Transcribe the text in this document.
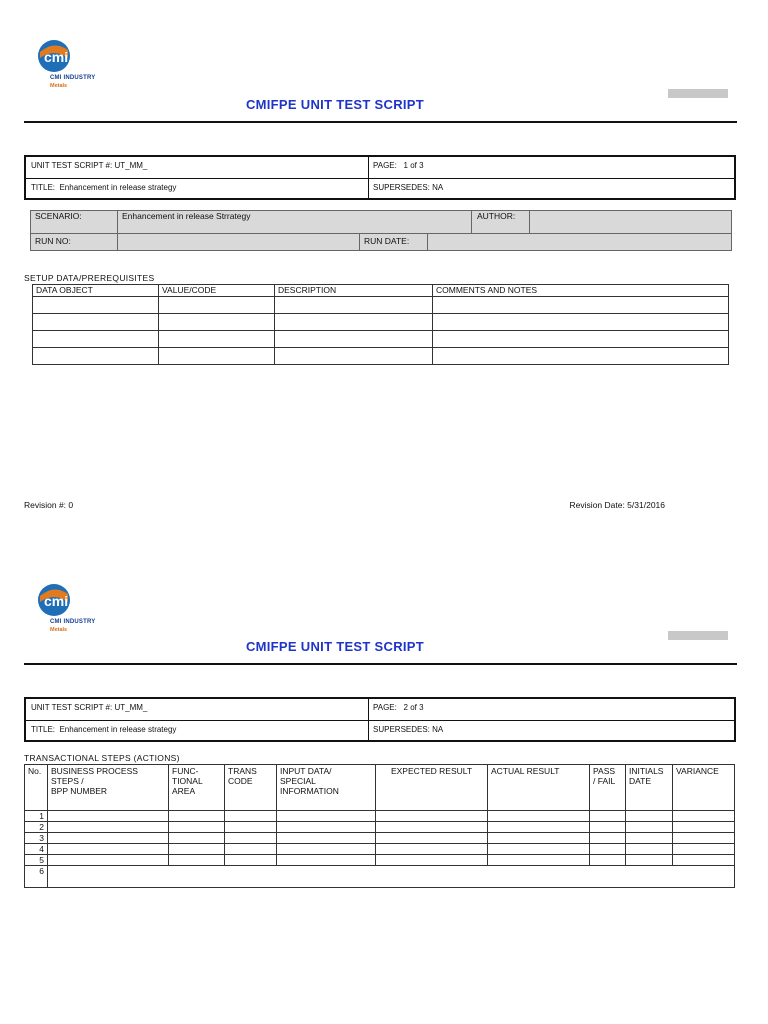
cmi
CMI INDUSTRY
Metals
CMIFPE UNIT TEST SCRIPT
UNIT TEST SCRIPT #: UT_MM_	PAGE: 1 of 3
TITLE: Enhancement in release strategy	SUPERSEDES: NA
SCENARIO:	Enhancement in release Strrategy	AUTHOR:
RUN NO:	RUN DATE:
SETUP DATA/PREREQUISITES
DATA OBJECT	VALUE/CODE	DESCRIPTION	COMMENTS AND NOTES

Revision #: 0	Revision Date: 5/31/2016
cmi
CMI INDUSTRY
Metals
CMIFPE UNIT TEST SCRIPT
UNIT TEST SCRIPT #: UT_MM_	PAGE: 2 of 3
TITLE: Enhancement in release strategy	SUPERSEDES: NA
TRANSACTIONAL STEPS (ACTIONS)
No.	BUSINESS PROCESS
STEPS /
BPP NUMBER	FUNC-
TIONAL
AREA	TRANS
CODE	INPUT DATA/
SPECIAL
INFORMATION	EXPECTED RESULT	ACTUAL RESULT	PASS
/ FAIL	INITIALS
DATE	VARIANCE
1									
2									
3									
4									
5									
6									
